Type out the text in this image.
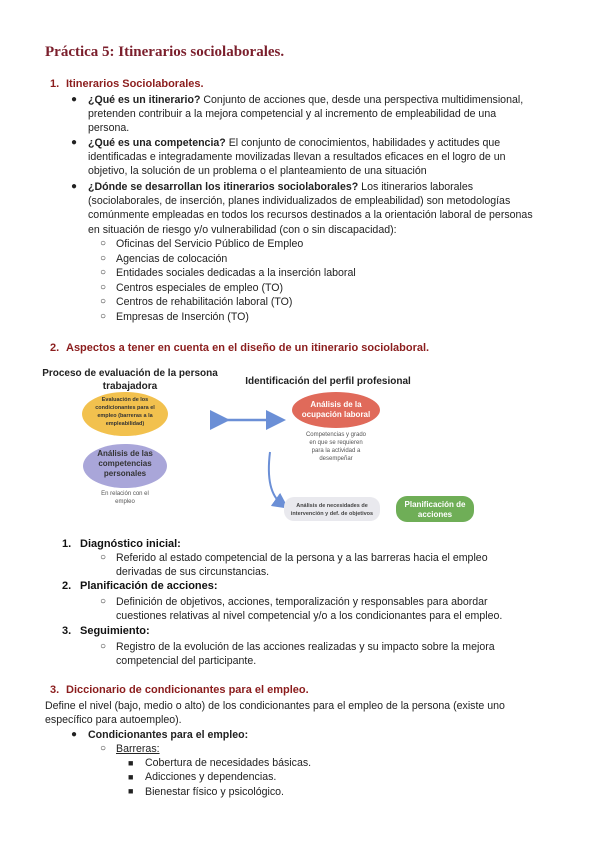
Práctica 5: Itinerarios sociolaborales.
1. Itinerarios Sociolaborales.
● ¿Qué es un itinerario? Conjunto de acciones que, desde una perspectiva multidimensional,
pretenden contribuir a la mejora competencial y al incremento de empleabilidad de una
persona.
● ¿Qué es una competencia? El conjunto de conocimientos, habilidades y actitudes que
identificadas e integradamente movilizadas llevan a resultados eficaces en el logro de un
objetivo, la solución de un problema o el planteamiento de una situación
● ¿Dónde se desarrollan los itinerarios sociolaborales? Los itinerarios laborales
(sociolaborales, de inserción, planes individualizados de empleabilidad) son metodologías
comúnmente empleadas en todos los recursos destinados a la orientación laboral de personas
en situación de riesgo y/o vulnerabilidad (con o sin discapacidad):
○ Oficinas del Servicio Público de Empleo
○ Agencias de colocación
○ Entidades sociales dedicadas a la inserción laboral
○ Centros especiales de empleo (TO)
○ Centros de rehabilitación laboral (TO)
○ Empresas de Inserción (TO)
2. Aspectos a tener en cuenta en el diseño de un itinerario sociolaboral.
Proceso de evaluación de la persona
trabajadora	Identificación del perfil profesional
Evaluación de los
condicionantes para el
empleo (barreras a la
empleabilidad)
Análisis de las
competencias
personales
En relación con el
empleo
Análisis de la
ocupación laboral
Competencias y grado
en que se requieren
para la actividad a
desempeñar
Análisis de necesidades de
intervención y def. de objetivos
Planificación de
acciones
1. Diagnóstico inicial:
○ Referido al estado competencial de la persona y a las barreras hacia el empleo
derivadas de sus circunstancias.
2. Planificación de acciones:
○ Definición de objetivos, acciones, temporalización y responsables para abordar
cuestiones relativas al nivel competencial y/o a los condicionantes para el empleo.
3. Seguimiento:
○ Registro de la evolución de las acciones realizadas y su impacto sobre la mejora
competencial del participante.
3. Diccionario de condicionantes para el empleo.
Define el nivel (bajo, medio o alto) de los condicionantes para el empleo de la persona (existe uno
específico para autoempleo).
● Condicionantes para el empleo:
○ Barreras:
■ Cobertura de necesidades básicas.
■ Adicciones y dependencias.
■ Bienestar físico y psicológico.
